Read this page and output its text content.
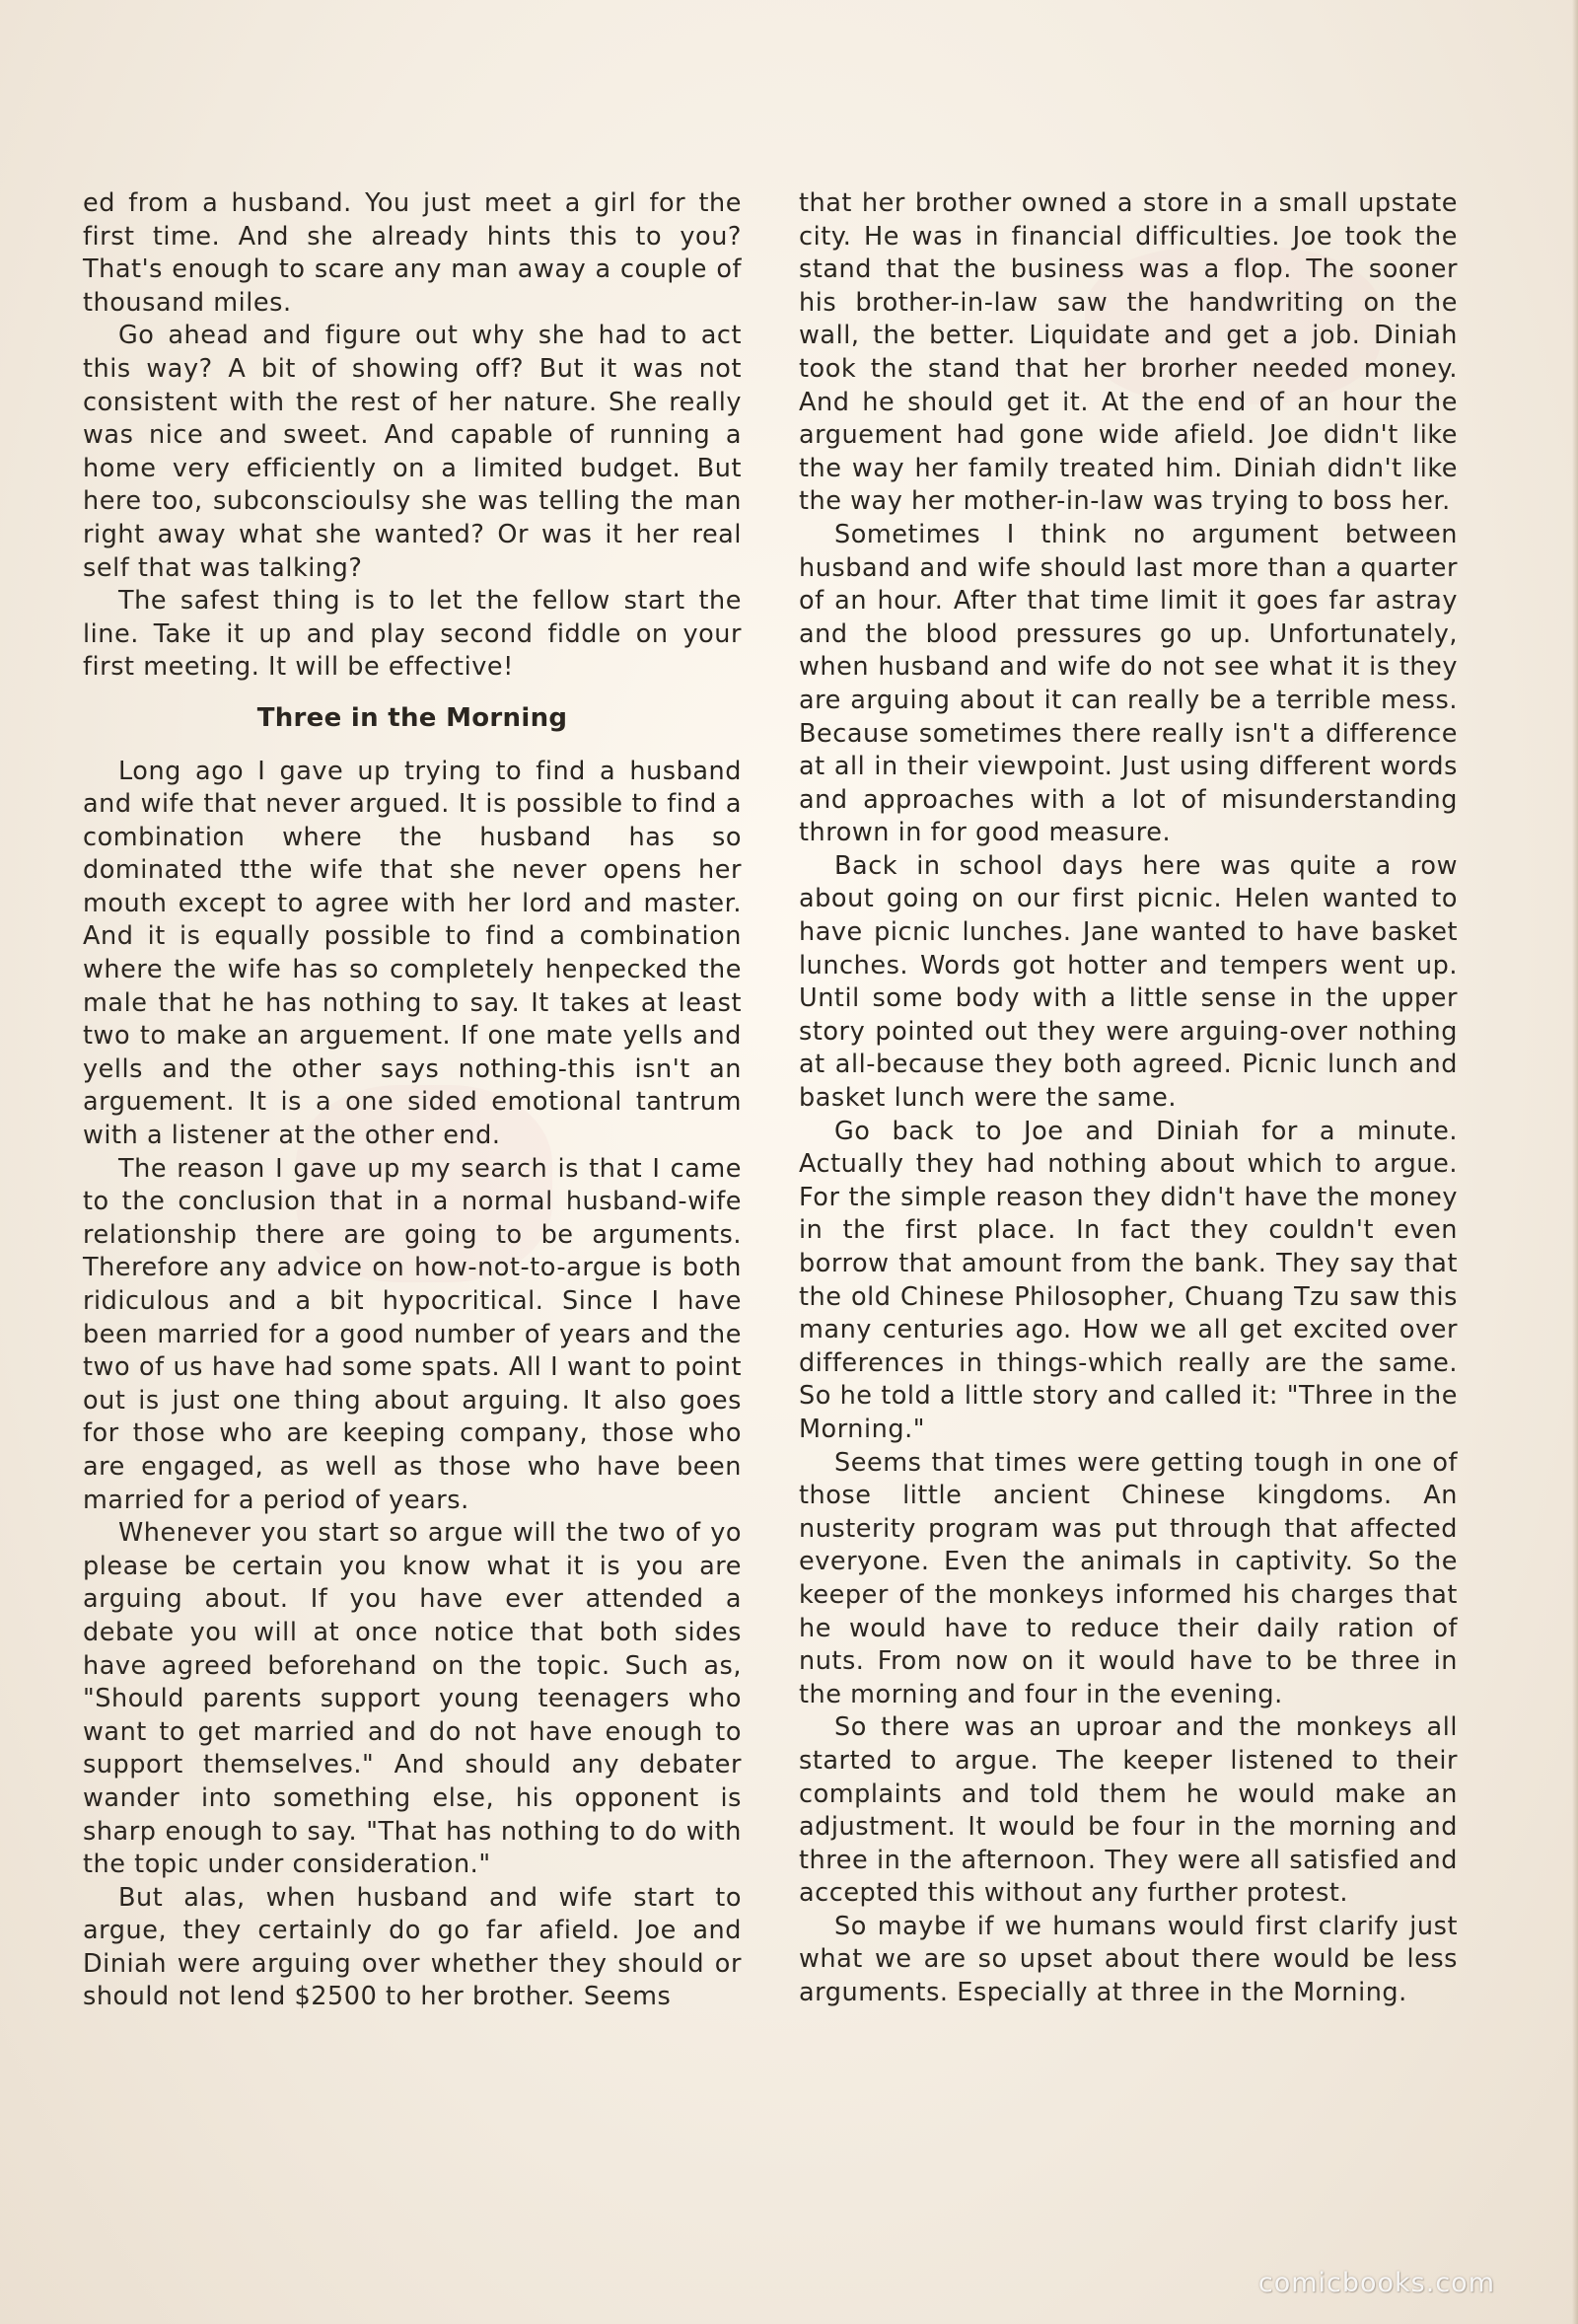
ed from a husband. You just meet a girl for the first time. And she already hints this to you? That's enough to scare any man away a couple of thousand miles.

Go ahead and figure out why she had to act this way? A bit of showing off? But it was not consistent with the rest of her nature. She really was nice and sweet. And capable of running a home very efficiently on a limited budget. But here too, subconscioulsy she was telling the man right away what she wanted? Or was it her real self that was talking?

The safest thing is to let the fellow start the line. Take it up and play second fiddle on your first meeting. It will be effective!

Three in the Morning

Long ago I gave up trying to find a husband and wife that never argued. It is possible to find a combination where the husband has so dominated tthe wife that she never opens her mouth except to agree with her lord and master. And it is equally possible to find a combination where the wife has so completely henpecked the male that he has nothing to say. It takes at least two to make an arguement. If one mate yells and yells and the other says nothing-this isn't an arguement. It is a one sided emotional tantrum with a listener at the other end.

The reason I gave up my search is that I came to the conclusion that in a normal husband-wife relationship there are going to be arguments. Therefore any advice on how-not-to-argue is both ridiculous and a bit hypocritical. Since I have been married for a good number of years and the two of us have had some spats. All I want to point out is just one thing about arguing. It also goes for those who are keeping company, those who are engaged, as well as those who have been married for a period of years.

Whenever you start so argue will the two of yo please be certain you know what it is you are arguing about. If you have ever attended a debate you will at once notice that both sides have agreed beforehand on the topic. Such as, "Should parents support young teenagers who want to get married and do not have enough to support themselves." And should any debater wander into something else, his opponent is sharp enough to say. "That has nothing to do with the topic under consideration."

But alas, when husband and wife start to argue, they certainly do go far afield. Joe and Diniah were arguing over whether they should or should not lend $2500 to her brother. Seems

that her brother owned a store in a small upstate city. He was in financial difficulties. Joe took the stand that the business was a flop. The sooner his brother-in-law saw the handwriting on the wall, the better. Liquidate and get a job. Diniah took the stand that her brorher needed money. And he should get it. At the end of an hour the arguement had gone wide afield. Joe didn't like the way her family treated him. Diniah didn't like the way her mother-in-law was trying to boss her.

Sometimes I think no argument between husband and wife should last more than a quarter of an hour. After that time limit it goes far astray and the blood pressures go up. Unfortunately, when husband and wife do not see what it is they are arguing about it can really be a terrible mess. Because sometimes there really isn't a difference at all in their viewpoint. Just using different words and approaches with a lot of misunderstanding thrown in for good measure.

Back in school days here was quite a row about going on our first picnic. Helen wanted to have picnic lunches. Jane wanted to have basket lunches. Words got hotter and tempers went up. Until some body with a little sense in the upper story pointed out they were arguing-over nothing at all-because they both agreed. Picnic lunch and basket lunch were the same.

Go back to Joe and Diniah for a minute. Actually they had nothing about which to argue. For the simple reason they didn't have the money in the first place. In fact they couldn't even borrow that amount from the bank. They say that the old Chinese Philosopher, Chuang Tzu saw this many centuries ago. How we all get excited over differences in things-which really are the same. So he told a little story and called it: "Three in the Morning."

Seems that times were getting tough in one of those little ancient Chinese kingdoms. An nusterity program was put through that affected everyone. Even the animals in captivity. So the keeper of the monkeys informed his charges that he would have to reduce their daily ration of nuts. From now on it would have to be three in the morning and four in the evening.

So there was an uproar and the monkeys all started to argue. The keeper listened to their complaints and told them he would make an adjustment. It would be four in the morning and three in the afternoon. They were all satisfied and accepted this without any further protest.

So maybe if we humans would first clarify just what we are so upset about there would be less arguments. Especially at three in the Morning.

comicbooks.com
